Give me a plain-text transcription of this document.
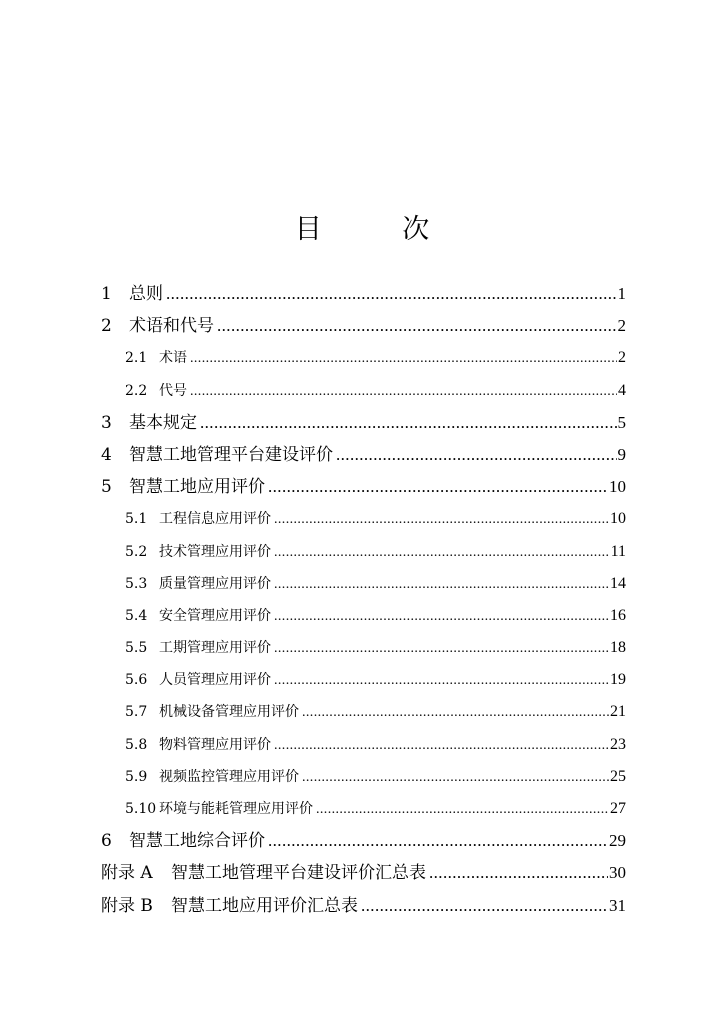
目 次
1	总则 .....	1
2	术语和代号 .....	2
2.1 术语 .....	2
2.2 代号 .....	4
3	基本规定 .....	5
4	智慧工地管理平台建设评价 .....	9
5	智慧工地应用评价 .....	10
5.1 工程信息应用评价 .....	10
5.2 技术管理应用评价 .....	11
5.3 质量管理应用评价 .....	14
5.4 安全管理应用评价 .....	16
5.5 工期管理应用评价 .....	18
5.6 人员管理应用评价 .....	19
5.7 机械设备管理应用评价 .....	21
5.8 物料管理应用评价 .....	23
5.9 视频监控管理应用评价 .....	25
5.10 环境与能耗管理应用评价 .....	27
6	智慧工地综合评价 .....	29
附录 A	智慧工地管理平台建设评价汇总表 .....	30
附录 B	智慧工地应用评价汇总表 .....	31
